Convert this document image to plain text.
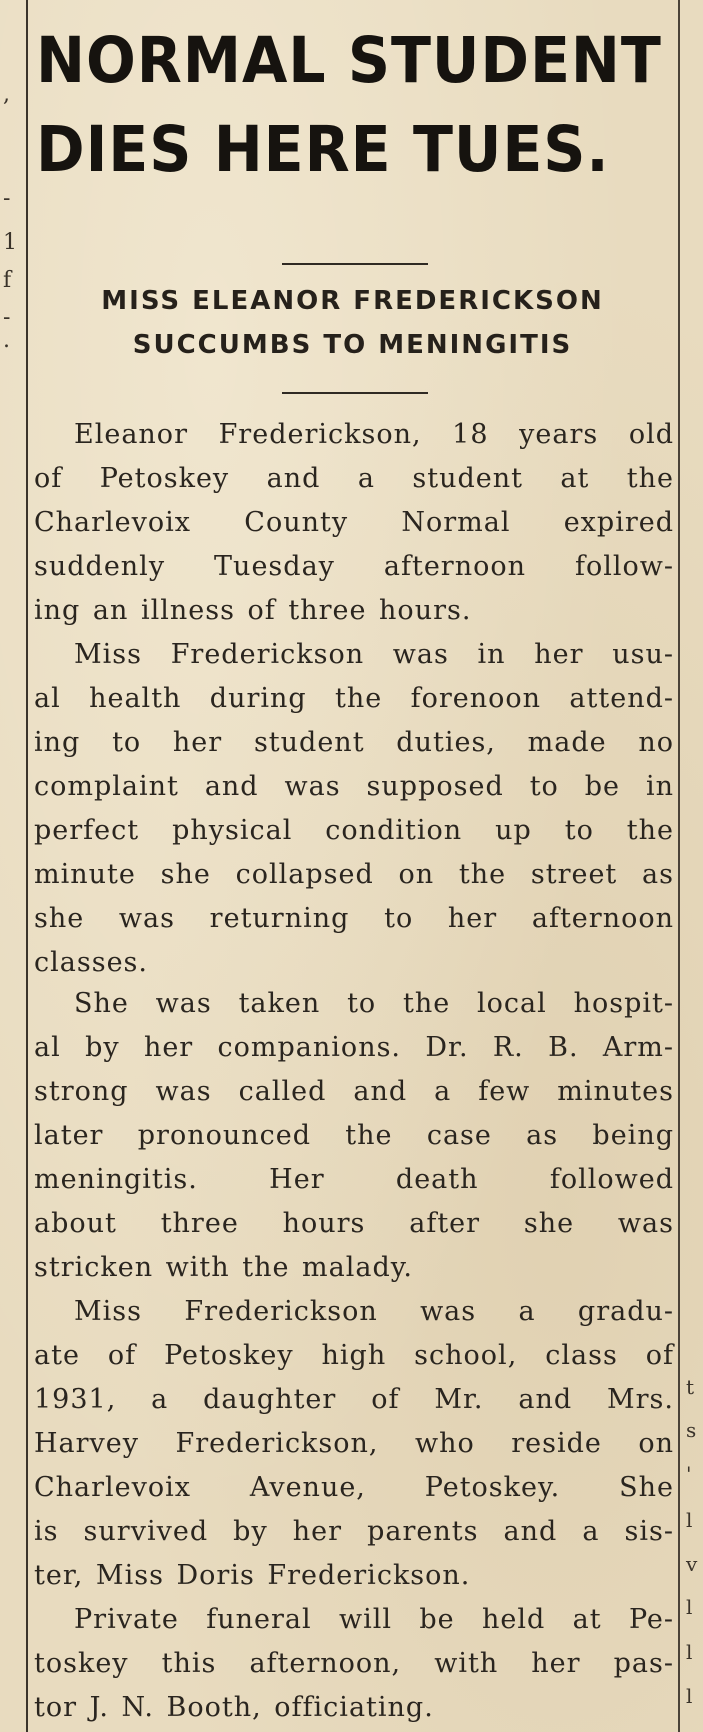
,
-
1
f
-
.
t
s
'
l
v
l
l
l
NORMAL STUDENT
DIES HERE TUES.
MISS ELEANOR FREDERICKSON
SUCCUMBS TO MENINGITIS
Eleanor Frederickson, 18 years old
of Petoskey and a student at the
Charlevoix County Normal expired
suddenly Tuesday afternoon follow-
ing an illness of three hours.
Miss Frederickson was in her usu-
al health during the forenoon attend-
ing to her student duties, made no
complaint and was supposed to be in
perfect physical condition up to the
minute she collapsed on the street as
she was returning to her afternoon
classes.
She was taken to the local hospit-
al by her companions. Dr. R. B. Arm-
strong was called and a few minutes
later pronounced the case as being
meningitis. Her death followed
about three hours after she was
stricken with the malady.
Miss Frederickson was a gradu-
ate of Petoskey high school, class of
1931, a daughter of Mr. and Mrs.
Harvey Frederickson, who reside on
Charlevoix Avenue, Petoskey. She
is survived by her parents and a sis-
ter, Miss Doris Frederickson.
Private funeral will be held at Pe-
toskey this afternoon, with her pas-
tor J. N. Booth, officiating.
